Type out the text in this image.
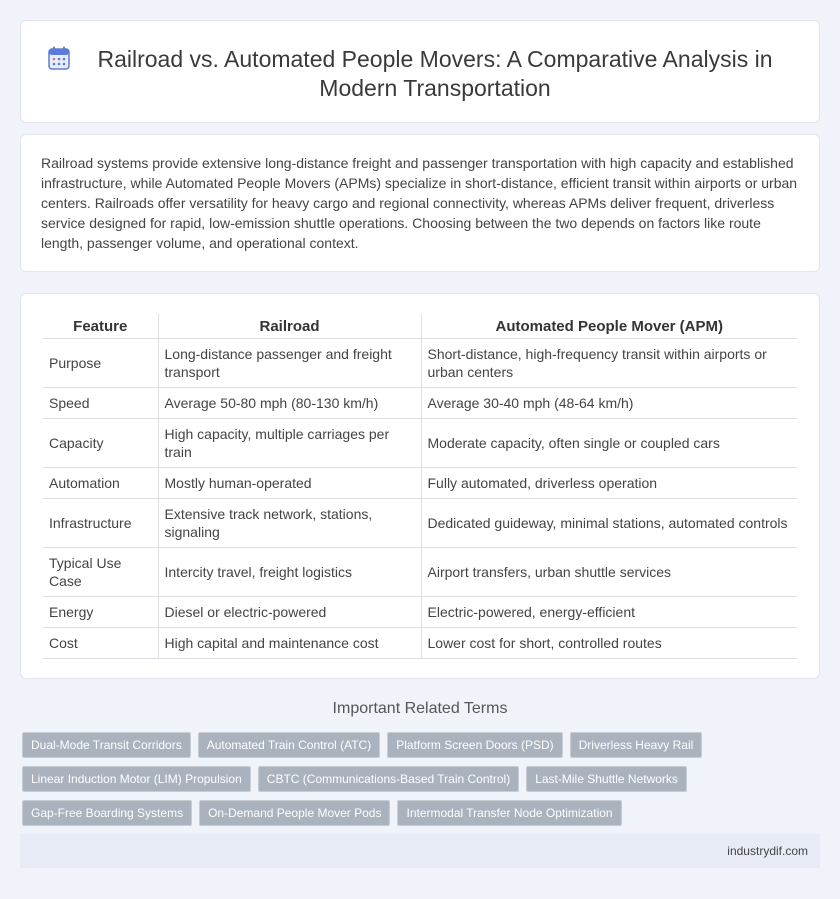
Railroad vs. Automated People Movers: A Comparative Analysis in Modern Transportation

Railroad systems provide extensive long-distance freight and passenger transportation with high capacity and established infrastructure, while Automated People Movers (APMs) specialize in short-distance, efficient transit within airports or urban centers. Railroads offer versatility for heavy cargo and regional connectivity, whereas APMs deliver frequent, driverless service designed for rapid, low-emission shuttle operations. Choosing between the two depends on factors like route length, passenger volume, and operational context.

Feature	Railroad	Automated People Mover (APM)
Purpose	Long-distance passenger and freight transport	Short-distance, high-frequency transit within airports or urban centers
Speed	Average 50-80 mph (80-130 km/h)	Average 30-40 mph (48-64 km/h)
Capacity	High capacity, multiple carriages per train	Moderate capacity, often single or coupled cars
Automation	Mostly human-operated	Fully automated, driverless operation
Infrastructure	Extensive track network, stations, signaling	Dedicated guideway, minimal stations, automated controls
Typical Use Case	Intercity travel, freight logistics	Airport transfers, urban shuttle services
Energy	Diesel or electric-powered	Electric-powered, energy-efficient
Cost	High capital and maintenance cost	Lower cost for short, controlled routes
Important Related Terms
Dual-Mode Transit Corridors	Automated Train Control (ATC)	Platform Screen Doors (PSD)	Driverless Heavy Rail
Linear Induction Motor (LIM) Propulsion	CBTC (Communications-Based Train Control)	Last-Mile Shuttle Networks
Gap-Free Boarding Systems	On-Demand People Mover Pods	Intermodal Transfer Node Optimization
industrydif.com
